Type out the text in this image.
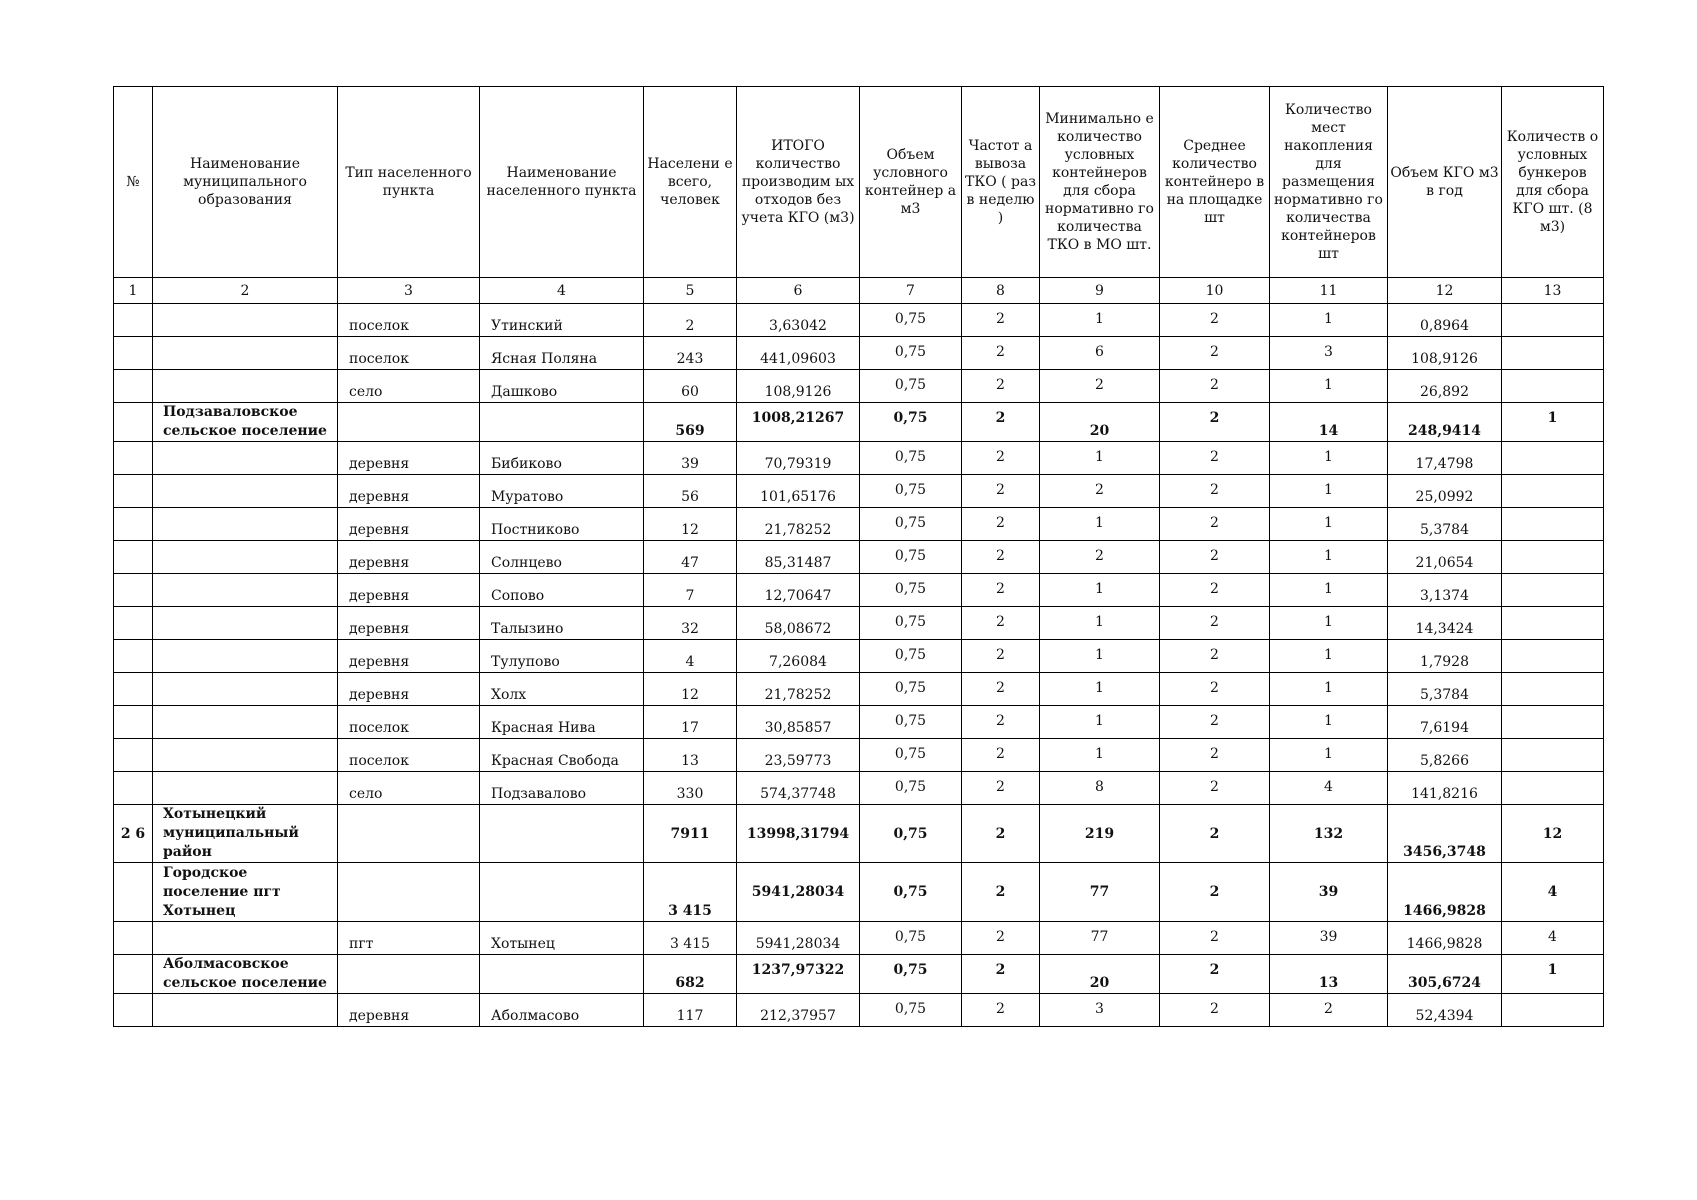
№	Наименование муниципального образования	Тип населенного пункта	Наименование населенного пункта	Населени е всего, человек	ИТОГО количество производим ых отходов без учета КГО (м3)	Объем условного контейнер а м3	Частот а вывоза ТКО ( раз в неделю )	Минимально е количество условных контейнеров для сбора нормативно го количества ТКО в МО шт.	Среднее количество контейнеро в на площадке шт	Количество мест накопления для размещения нормативно го количества контейнеров шт	Объем КГО м3 в год	Количеств о условных бункеров для сбора КГО шт. (8 м3)
1	2	3	4	5	6	7	8	9	10	11	12	13
		поселок	Утинский	2	3,63042	0,75	2	1	2	1	0,8964	
		поселок	Ясная Поляна	243	441,09603	0,75	2	6	2	3	108,9126	
		село	Дашково	60	108,9126	0,75	2	2	2	1	26,892	
	Подзаваловское сельское поселение			569	1008,21267	0,75	2	20	2	14	248,9414	1
		деревня	Бибиково	39	70,79319	0,75	2	1	2	1	17,4798	
		деревня	Муратово	56	101,65176	0,75	2	2	2	1	25,0992	
		деревня	Постниково	12	21,78252	0,75	2	1	2	1	5,3784	
		деревня	Солнцево	47	85,31487	0,75	2	2	2	1	21,0654	
		деревня	Сопово	7	12,70647	0,75	2	1	2	1	3,1374	
		деревня	Талызино	32	58,08672	0,75	2	1	2	1	14,3424	
		деревня	Тулупово	4	7,26084	0,75	2	1	2	1	1,7928	
		деревня	Холх	12	21,78252	0,75	2	1	2	1	5,3784	
		поселок	Красная Нива	17	30,85857	0,75	2	1	2	1	7,6194	
		поселок	Красная Свобода	13	23,59773	0,75	2	1	2	1	5,8266	
		село	Подзавалово	330	574,37748	0,75	2	8	2	4	141,8216	
2 6	Хотынецкий муниципальный район			7911	13998,31794	0,75	2	219	2	132	3456,3748	12
	Городское поселение пгт Хотынец			3 415	5941,28034	0,75	2	77	2	39	1466,9828	4
		пгт	Хотынец	3 415	5941,28034	0,75	2	77	2	39	1466,9828	4
	Аболмасовское сельское поселение			682	1237,97322	0,75	2	20	2	13	305,6724	1
		деревня	Аболмасово	117	212,37957	0,75	2	3	2	2	52,4394	
